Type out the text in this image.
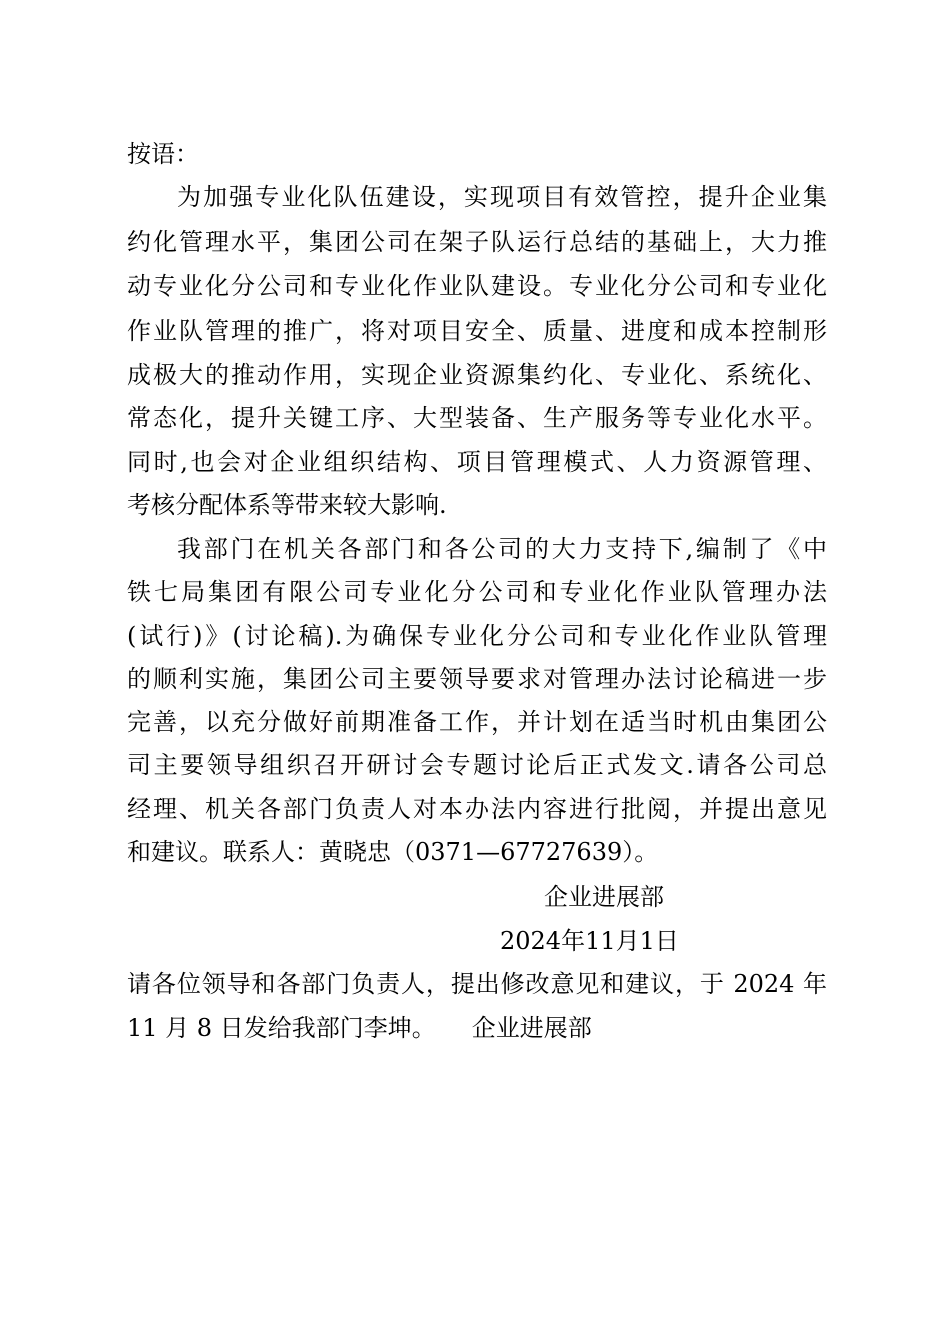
按语：
为加强专业化队伍建设，实现项目有效管控，提升企业集
约化管理水平，集团公司在架子队运行总结的基础上，大力推
动专业化分公司和专业化作业队建设。专业化分公司和专业化
作业队管理的推广，将对项目安全、质量、进度和成本控制形
成极大的推动作用，实现企业资源集约化、专业化、系统化、
常态化，提升关键工序、大型装备、生产服务等专业化水平。
同时,也会对企业组织结构、项目管理模式、人力资源管理、
考核分配体系等带来较大影响.
我部门在机关各部门和各公司的大力支持下,编制了《中
铁七局集团有限公司专业化分公司和专业化作业队管理办法
(试行)》(讨论稿).为确保专业化分公司和专业化作业队管理
的顺利实施，集团公司主要领导要求对管理办法讨论稿进一步
完善，以充分做好前期准备工作，并计划在适当时机由集团公
司主要领导组织召开研讨会专题讨论后正式发文.请各公司总
经理、机关各部门负责人对本办法内容进行批阅，并提出意见
和建议。联系人：黄晓忠（0371—67727639）。
企业进展部
2024年11月1日
请各位领导和各部门负责人，提出修改意见和建议，于 2024 年
11 月 8 日发给我部门李坤。　　企业进展部
